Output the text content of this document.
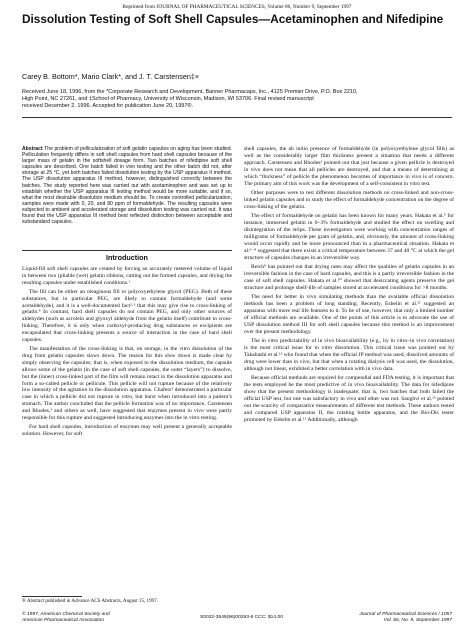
Reprinted from JOURNAL OF PHARMACEUTICAL SCIENCES, Volume 86, Number 9, September 1997
Dissolution Testing of Soft Shell Capsules—Acetaminophen and Nifedipine
Carey B. Bottom*, Mario Clark*, and J. T. Carstensen‡×

Received June 18, 1996, from the *Corporate Research and Development, Banner Pharmacaps, Inc., 4125 Premier Drive, P.O. Box 2210,

High Point, NC 27261, and ‡School of Pharmacy, University of Wisconsin, Madison, WI 53706. Final revised manuscript

received December 2, 1996. Accepted for publication June 20, 1997®.

Abstract The problem of pellicularization of soft gelatin capsules on aging has been studied. Pelliculation frequently differs in soft shell capsules from hard shell capsules because of the larger mass of gelatin in the softshell dosage form. Two batches of nifedipine soft shell capsules are described. One batch failed in vivo testing and the other batch did not, after storage at 25 °C, yet both batches failed dissolution testing by the USP apparatus II method. The USP dissolution apparatus III method, however, distinguished correctly between the batches. The study reported here was carried out with acetaminophen and was set up to establish whether the USP apparatus III testing method would be more suitable, and if so, what the most desirable dissolution medium should be. To create controlled pellicularization, samples were made with 0, 20, and 80 ppm of formaldehyde. The resulting capsules were subjected to ambient and accelerated storage and dissolution testing was carried out. It was found that the USP apparatus III method best reflected distinction between acceptable and substandard capsules.

Introduction

Liquid-fill soft shell capsules are created by forcing an accurately metered volume of liquid in between two (pliable (wet) gelatin ribbons, cutting out the formed capsules, and drying the resulting capsules under established conditions.¹

The fill can be either an oleaginous fill or polyoxyethylene glycol (PEG). Both of these substances, but in particular PEG, are likely to contain formaldehyde (and some acetaldehyde), and it is a well-documented fact²·³ that this may give rise to cross-linking of gelatin.⁴ In contrast, hard shell capsules do not contain PEG, and only other sources of aldehydes (such as acrolein and glyoxyl aldehyde from the gelatin itself) contribute to cross-linking. Therefore, it is only when carboxyl-producing drug substances or excipients are encapsulated that cross-linking presents a source of interaction in the case of hard shell capsules.

The manifestation of the cross-linking is that, on storage, in the vitro dissolution of the drug from gelatin capsules slows down. The reason for this slow down is made clear by simply observing the capsules; that is, when exposed to the dissolution medium, the capsule allows some of the gelatin (in the case of soft shell capsules, the outer “layers”) to dissolve, but the (inner) cross-linked part of the film will remain intact in the dissolution apparatus and form a so-called pellicle or pellicule. This pellicle will not rupture because of the relatively low intensity of the agitation in the dissolution apparatus. Chafetz² demonstrated a particular case in which a pellicle did not rupture in vitro, but burst when introduced into a patient’s stomach. The author concluded that the pellicle formation was of no importance. Carstensen and Rhodes,³ and others as well, have suggested that enzymes present in vivo were partly responsible for this rupture and suggested introducing enzymes into the in vitro testing.

For hard shell capsules, introduction of enzymes may well present a generally acceptable solution. However, for soft

shell capsules, the ab initio presence of formaldehyde (in polyoxyethylene glycol fills) as well as the considerably larger film thickness present a situation that needs a different approach. Carstensen and Rhodes³ pointed out that just because a given pellicle is destroyed in vivo does not mean that all pellicles are destroyed, and that a means of determining at which “thickness” of pellicle the phenomenon becomes of importance in vivo is of concern. The primary aim of this work was the development of a self-consistent in vitro test.

Other purposes were to test different dissolution methods on cross-linked and non-cross-linked gelatin capsules and to study the effect of formaldehyde concentration on the degree of cross-linking of the gelatin.

The effect of formaldehyde on gelatin has been known for many years. Hakata et al.⁵ for instance, immersed gelatin in 0–3% formaldehyde and studied the effect on swelling and disintegration of the strips. These investigators were working with concentration ranges of milligrams of formaldehyde per gram of gelatin, and, obviously, the amount of cross-linking would occur rapidly and be more pronounced than in a pharmaceutical situation. Hakata et al.⁶⁻⁸ suggested that there exists a critical temperature between 37 and 40 °C at which the gel structure of capsules changes in an irreversible way.

Reich⁹ has pointed out that drying rates may affect the qualities of gelatin capsules in an irreversible fashion in the case of hard capsules, and this is a partly irreversible fashion in the case of soft shell capsules. Hakata et al.¹⁰ showed that desiccating agents preserve the gel structure and prolonge shelf-life of samples stored at accelerated conditions for >8 months.

The need for better in vivo simulating methods than the available official dissolution methods has been a problem of long standing. Recently, Esbelin et al.¹¹ suggested an apparatus with more real life features to it. To be of use, however, that only a limited number of official methods are available. One of the points of this article is to advocate the use of USP dissolution method III for soft shell capsules because this method is an improvement over the present methodology.

The in vitro predictability of in vivo bioavailability (e.g., by in vitro–in vivo correlation) is the most critical issue for in vitro dissolution. This critical issue was pointed out by Takahashi et al.¹² who found that when the official JP method was used, dissolved amounts of drug were lower than in vivo, but that when a rotating dialysis cell was used, the dissolution, although not linear, exhibited a better correlation with in vivo data.

Because official methods are required for compendial and FDA testing, it is important that the tests employed be the most predictive of in vivo bioavailability. The data for nifedipine show that the present methodology is inadequate; that is, two batches that both failed the official USP test, but one was satisfactory in vivo and other was not. Sanghvi et al.¹³ pointed out the scarcity of comparative measurements of different test methods. These authors tested and compared USP apparatus II, the rotating bottle apparatus, and the Bio-Dis tester promoted by Esbelin et al.¹¹ Additionally, although

® Abstract published in Advance ACS Abstracts, August 15, 1997.

© 1997, American Chemical Society and
American Pharmaceutical Association
S0022-3549(96)00263-6 CCC: $14.00
Journal of Pharmaceutical Sciences / 1057
Vol. 86, No. 9, September 1997
